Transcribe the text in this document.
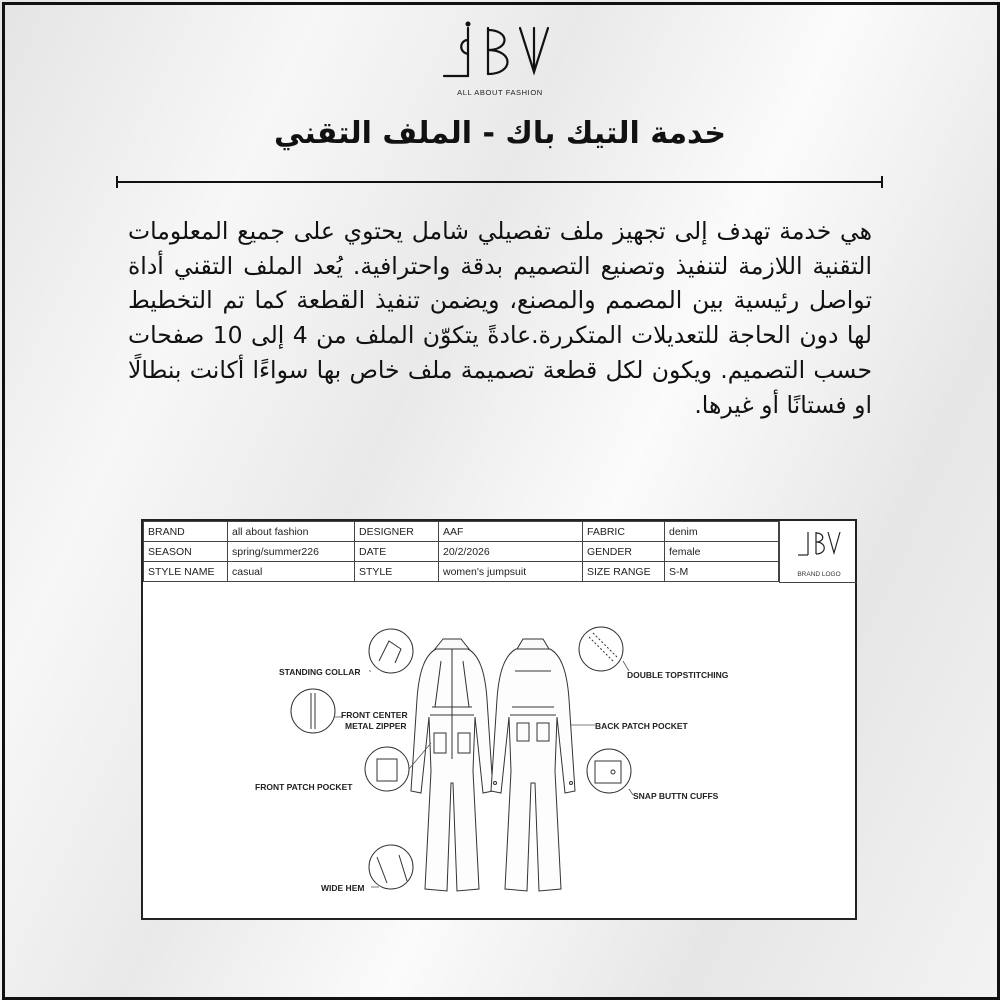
ALL ABOUT FASHION
خدمة التيك باك - الملف التقني
هي خدمة تهدف إلى تجهيز ملف تفصيلي شامل يحتوي على جميع المعلومات التقنية اللازمة لتنفيذ وتصنيع التصميم بدقة واحترافية. يُعد الملف التقني أداة تواصل رئيسية بين المصمم والمصنع، ويضمن تنفيذ القطعة كما تم التخطيط لها دون الحاجة للتعديلات المتكررة.عادةً يتكوّن الملف من 4 إلى 10 صفحات حسب التصميم. ويكون لكل قطعة تصميمة ملف خاص بها سواءًا أكانت بنطالًا او فستانًا أو غيرها.
BRAND	all about fashion	DESIGNER	AAF	FABRIC	denim
SEASON	spring/summer226	DATE	20/2/2026	GENDER	female
STYLE NAME	casual	STYLE	women's jumpsuit	SIZE RANGE	S-M	BRAND LOGO
STANDING COLLAR
FRONT CENTER
METAL ZIPPER
FRONT PATCH POCKET
WIDE HEM
DOUBLE TOPSTITCHING
BACK PATCH POCKET
SNAP BUTTN CUFFS
